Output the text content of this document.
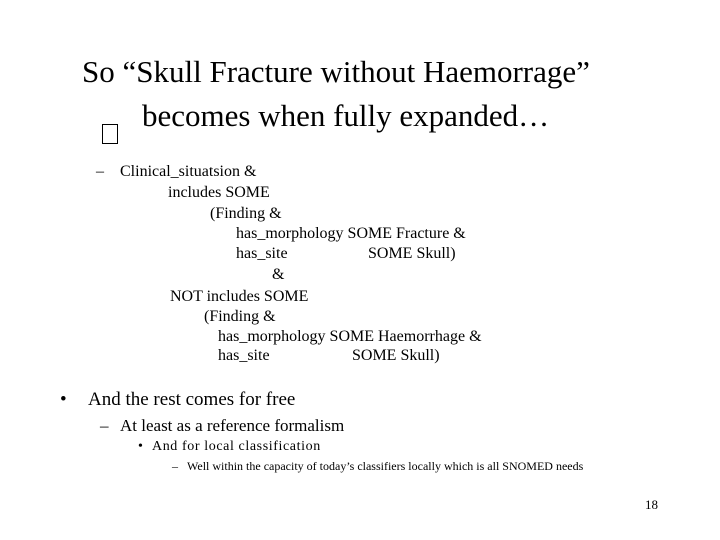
So “Skull Fracture without Haemorrage”
becomes when fully expanded…
– Clinical_situatsion &
includes SOME
(Finding &
has_morphology SOME Fracture &
has_site	SOME Skull)
&
NOT includes SOME
(Finding &
has_morphology SOME Haemorrhage &
has_site	SOME Skull)
• And the rest comes for free
– At least as a reference formalism
• And for local classification
– Well within the capacity of today’s classifiers locally which is all SNOMED needs
18
